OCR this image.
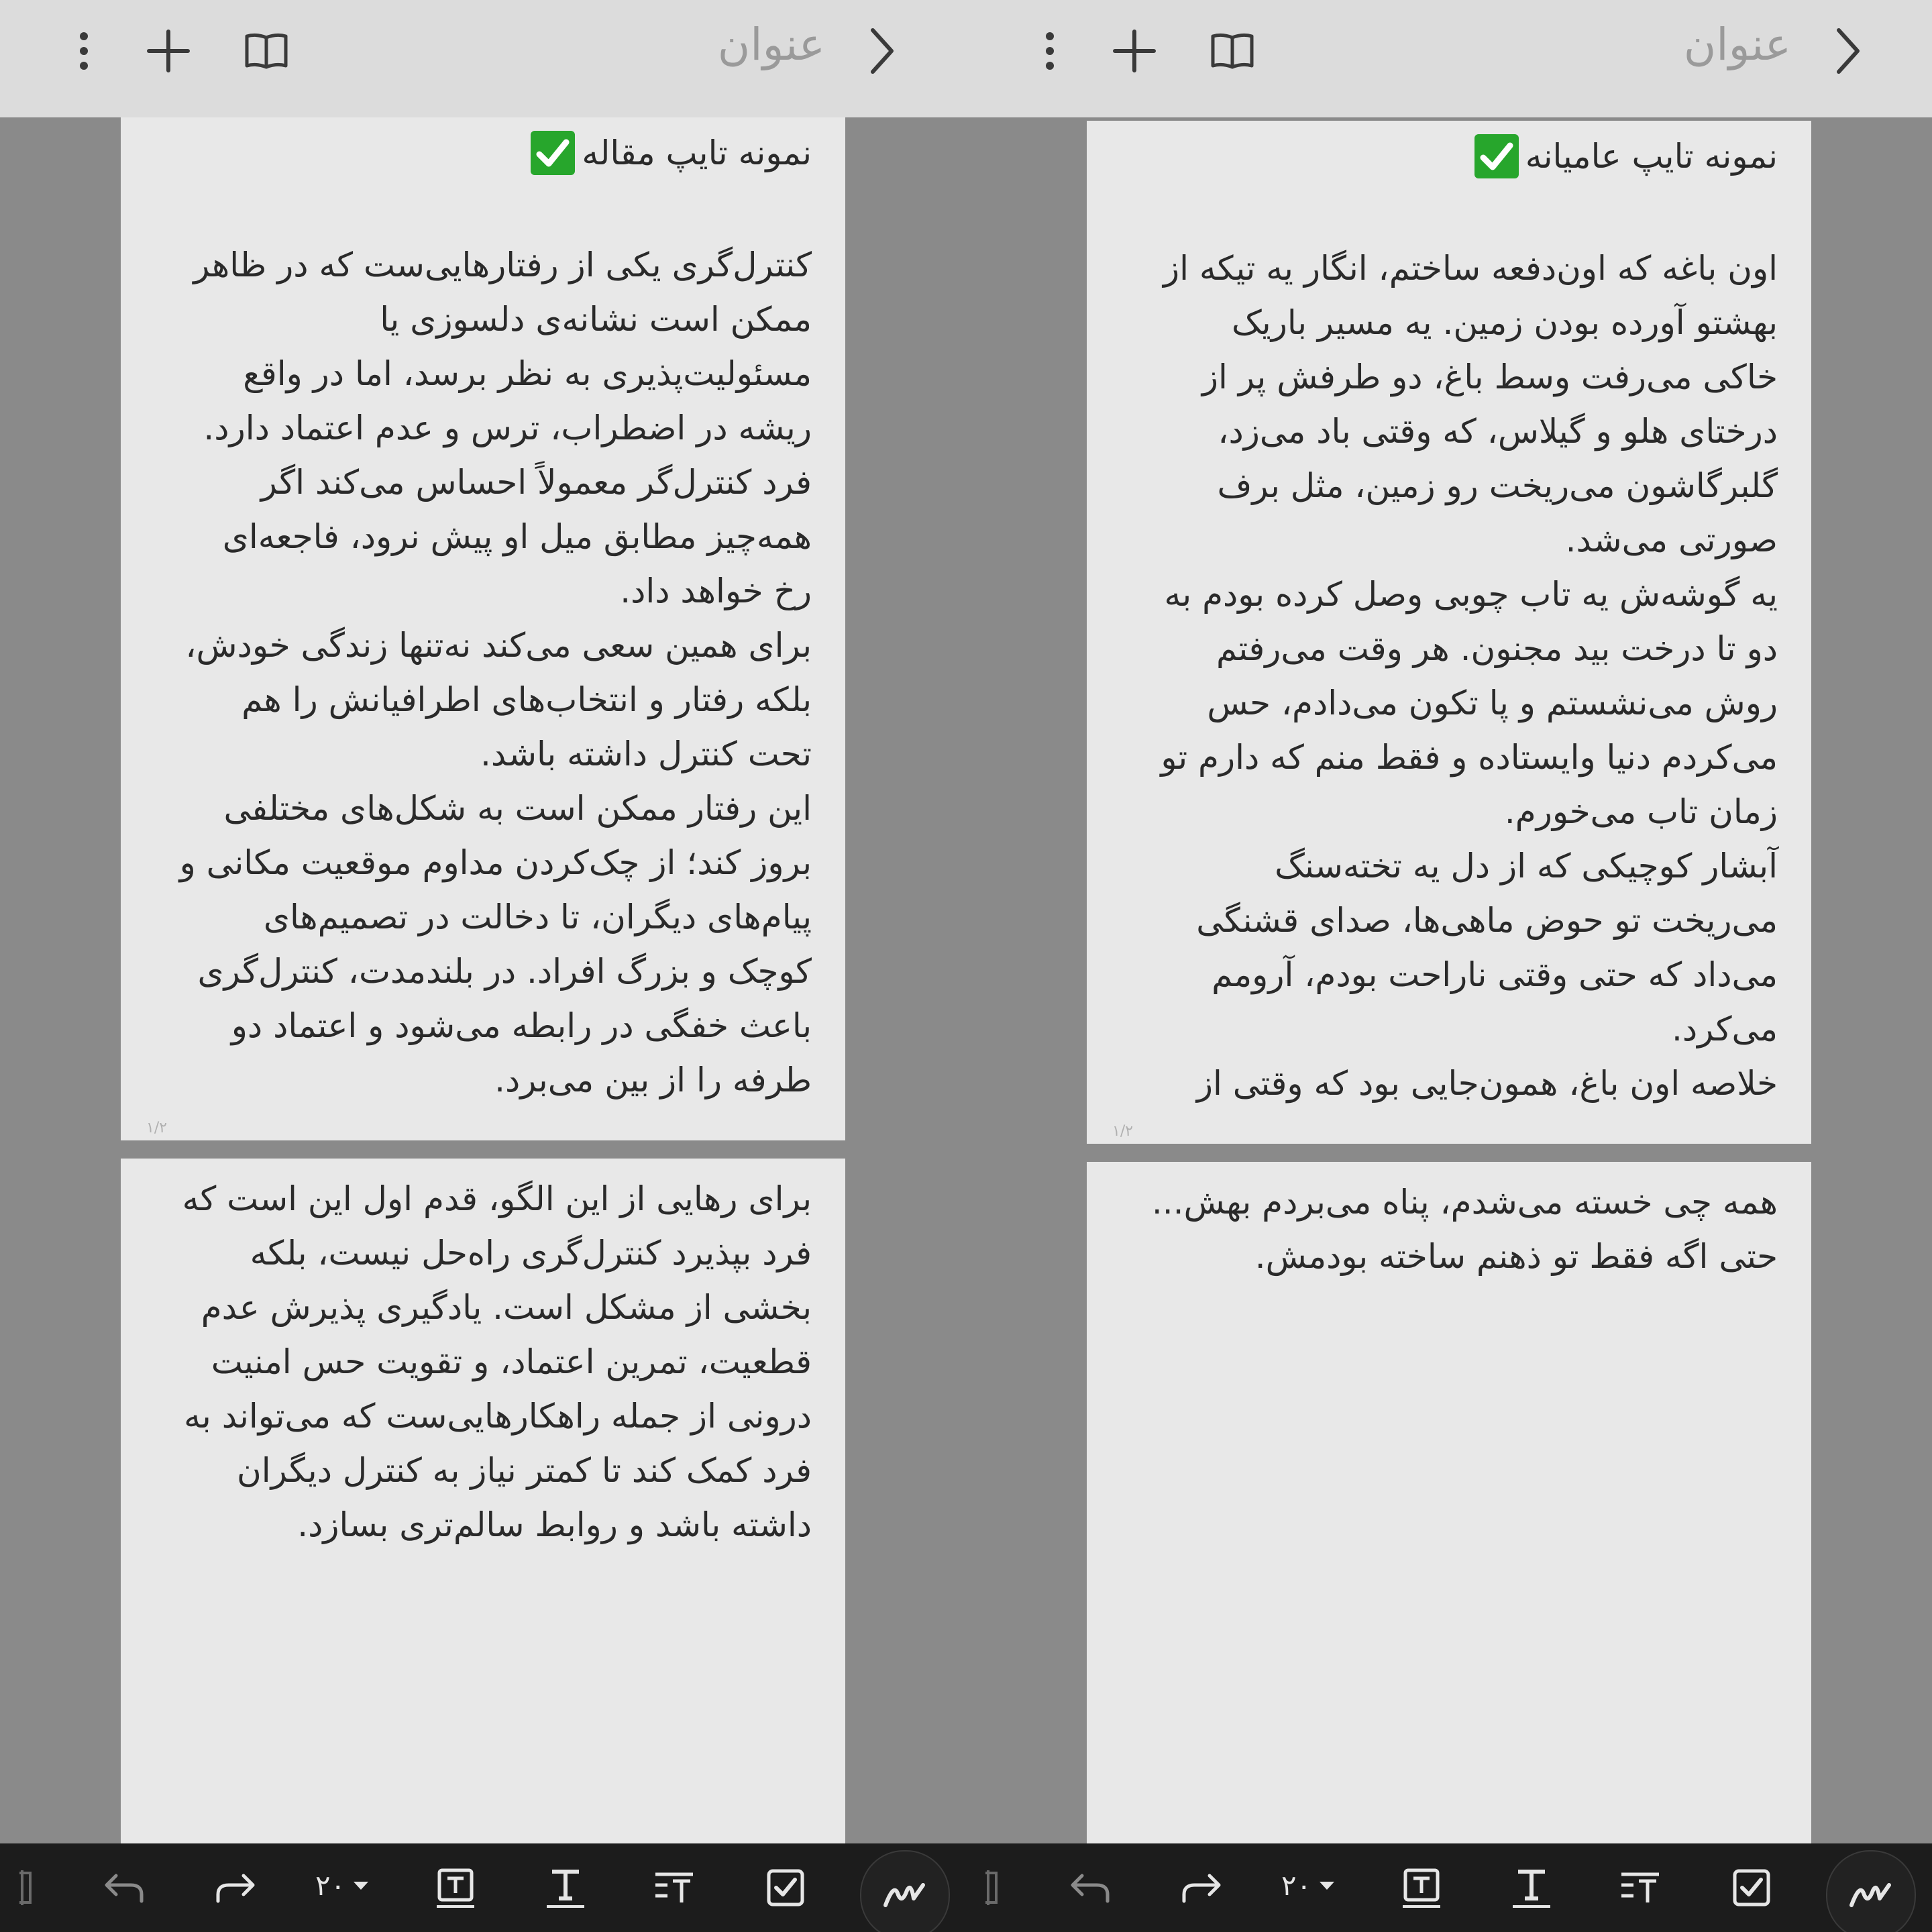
عنوان
نمونه تایپ مقاله
کنترل‌گری یکی از رفتارهایی‌ست که در ظاهر
ممکن است نشانه‌ی دلسوزی یا
مسئولیت‌پذیری به نظر برسد، اما در واقع
ریشه در اضطراب، ترس و عدم اعتماد دارد.
فرد کنترل‌گر معمولاً احساس می‌کند اگر
همه‌چیز مطابق میل او پیش نرود، فاجعه‌ای
رخ خواهد داد.
برای همین سعی می‌کند نه‌تنها زندگی خودش،
بلکه رفتار و انتخاب‌های اطرافیانش را هم
تحت کنترل داشته باشد.
این رفتار ممکن است به شکل‌های مختلفی
بروز کند؛ از چک‌کردن مداوم موقعیت مکانی و
پیام‌های دیگران، تا دخالت در تصمیم‌های
کوچک و بزرگ افراد. در بلندمدت، کنترل‌گری
باعث خفگی در رابطه می‌شود و اعتماد دو
طرفه را از بین می‌برد.
۱/۲
برای رهایی از این الگو، قدم اول این است که
فرد بپذیرد کنترل‌گری راه‌حل نیست، بلکه
بخشی از مشکل است. یادگیری پذیرش عدم
قطعیت، تمرین اعتماد، و تقویت حس امنیت
درونی از جمله راهکارهایی‌ست که می‌تواند به
فرد کمک کند تا کمتر نیاز به کنترل دیگران
داشته باشد و روابط سالم‌تری بسازد.
۲۰
عنوان
نمونه تایپ عامیانه
اون باغه که اون‌دفعه ساختم، انگار یه تیکه از
بهشتو آورده بودن زمین. یه مسیر باریک
خاکی می‌رفت وسط باغ، دو طرفش پر از
درختای هلو و گیلاس، که وقتی باد می‌زد،
گلبرگاشون می‌ریخت رو زمین، مثل برف
صورتی می‌شد.
یه گوشه‌ش یه تاب چوبی وصل کرده بودم به
دو تا درخت بید مجنون. هر وقت می‌رفتم
روش می‌نشستم و پا تکون می‌دادم، حس
می‌کردم دنیا وایستاده و فقط منم که دارم تو
زمان تاب می‌خورم.
آبشار کوچیکی که از دل یه تخته‌سنگ
می‌ریخت تو حوض ماهی‌ها، صدای قشنگی
می‌داد که حتی وقتی ناراحت بودم، آرومم
می‌کرد.
خلاصه اون باغ، همون‌جایی بود که وقتی از
۱/۲
همه چی خسته می‌شدم، پناه می‌بردم بهش...
حتی اگه فقط تو ذهنم ساخته بودمش.
۲۰
